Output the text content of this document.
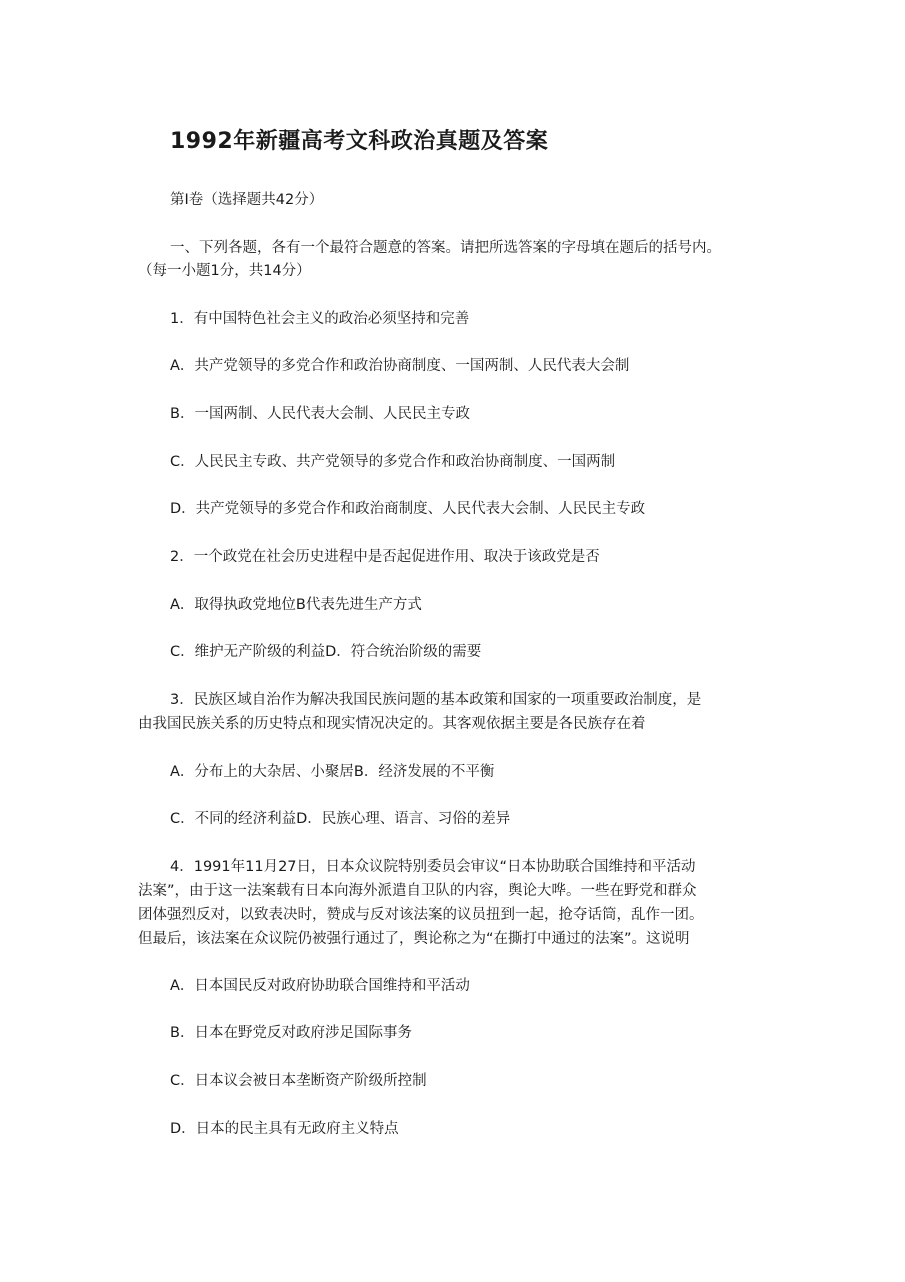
1992年新疆高考文科政治真题及答案
第I卷（选择题共42分）
一、下列各题，各有一个最符合题意的答案。请把所选答案的字母填在题后的括号内。
（每一小题1分，共14分）
1．有中国特色社会主义的政治必须坚持和完善
A．共产党领导的多党合作和政治协商制度、一国两制、人民代表大会制
B．一国两制、人民代表大会制、人民民主专政
C．人民民主专政、共产党领导的多党合作和政治协商制度、一国两制
D．共产党领导的多党合作和政治商制度、人民代表大会制、人民民主专政
2．一个政党在社会历史进程中是否起促进作用、取决于该政党是否
A．取得执政党地位B代表先进生产方式
C．维护无产阶级的利益D．符合统治阶级的需要
3．民族区域自治作为解决我国民族问题的基本政策和国家的一项重要政治制度，是
由我国民族关系的历史特点和现实情况决定的。其客观依据主要是各民族存在着
A．分布上的大杂居、小聚居B．经济发展的不平衡
C．不同的经济利益D．民族心理、语言、习俗的差异
4．1991年11月27日，日本众议院特别委员会审议“日本协助联合国维持和平活动
法案”，由于这一法案载有日本向海外派遣自卫队的内容，舆论大哗。一些在野党和群众
团体强烈反对，以致表决时，赞成与反对该法案的议员扭到一起，抢夺话筒，乱作一团。
但最后，该法案在众议院仍被强行通过了，舆论称之为“在撕打中通过的法案”。这说明
A．日本国民反对政府协助联合国维持和平活动
B．日本在野党反对政府涉足国际事务
C．日本议会被日本垄断资产阶级所控制
D．日本的民主具有无政府主义特点
